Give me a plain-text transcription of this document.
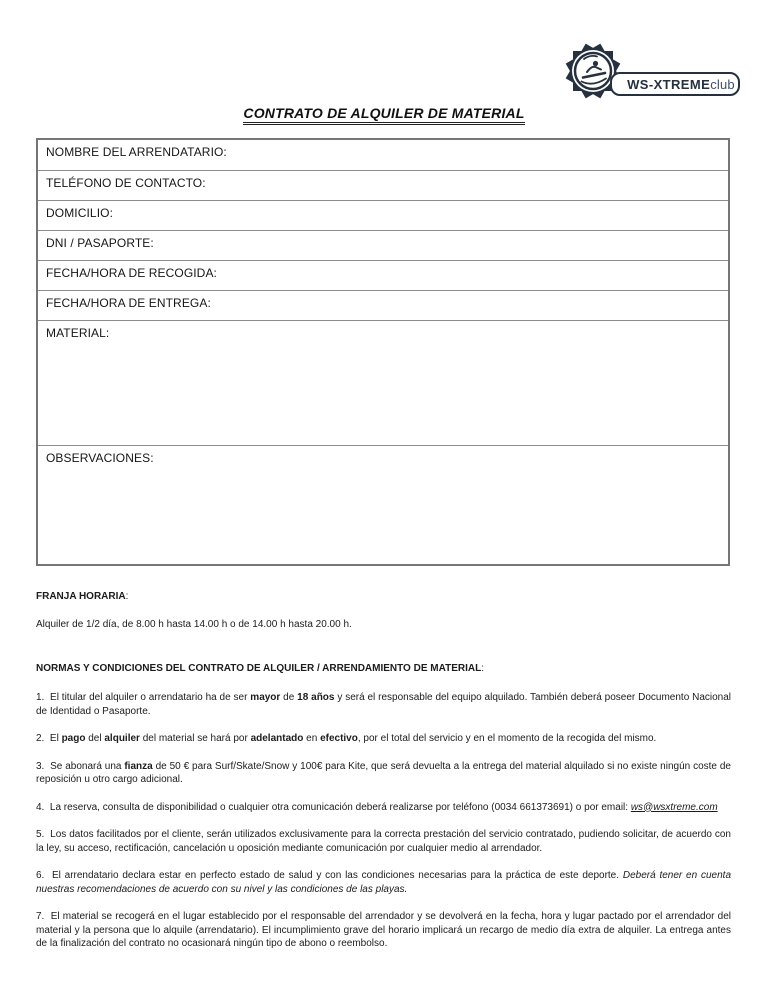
WS-XTREME club
CONTRATO DE ALQUILER DE MATERIAL
NOMBRE DEL ARRENDATARIO:
TELÉFONO DE CONTACTO:
DOMICILIO:
DNI / PASAPORTE:
FECHA/HORA DE RECOGIDA:
FECHA/HORA DE ENTREGA:
MATERIAL:
OBSERVACIONES:

FRANJA HORARIA:

Alquiler de 1/2 día, de 8.00 h hasta 14.00 h o de 14.00 h hasta 20.00 h.

NORMAS Y CONDICIONES DEL CONTRATO DE ALQUILER / ARRENDAMIENTO DE MATERIAL:

1.  El titular del alquiler o arrendatario ha de ser mayor de 18 años y será el responsable del equipo alquilado. También deberá poseer Documento Nacional de Identidad o Pasaporte.

2.  El pago del alquiler del material se hará por adelantado en efectivo, por el total del servicio y en el momento de la recogida del mismo.

3.  Se abonará una fianza de 50 € para Surf/Skate/Snow y 100€ para Kite, que será devuelta a la entrega del material alquilado si no existe ningún coste de reposición u otro cargo adicional.

4.  La reserva, consulta de disponibilidad o cualquier otra comunicación deberá realizarse por teléfono (0034 661373691) o por email: ws@wsxtreme.com

5.  Los datos facilitados por el cliente, serán utilizados exclusivamente para la correcta prestación del servicio contratado, pudiendo solicitar, de acuerdo con la ley, su acceso, rectificación, cancelación u oposición mediante comunicación por cualquier medio al arrendador.

6.  El arrendatario declara estar en perfecto estado de salud y con las condiciones necesarias para la práctica de este deporte. Deberá tener en cuenta nuestras recomendaciones de acuerdo con su nivel y las condiciones de las playas.

7.  El material se recogerá en el lugar establecido por el responsable del arrendador y se devolverá en la fecha, hora y lugar pactado por el arrendador del material y la persona que lo alquile (arrendatario). El incumplimiento grave del horario implicará un recargo de medio día extra de alquiler. La entrega antes de la finalización del contrato no ocasionará ningún tipo de abono o reembolso.
